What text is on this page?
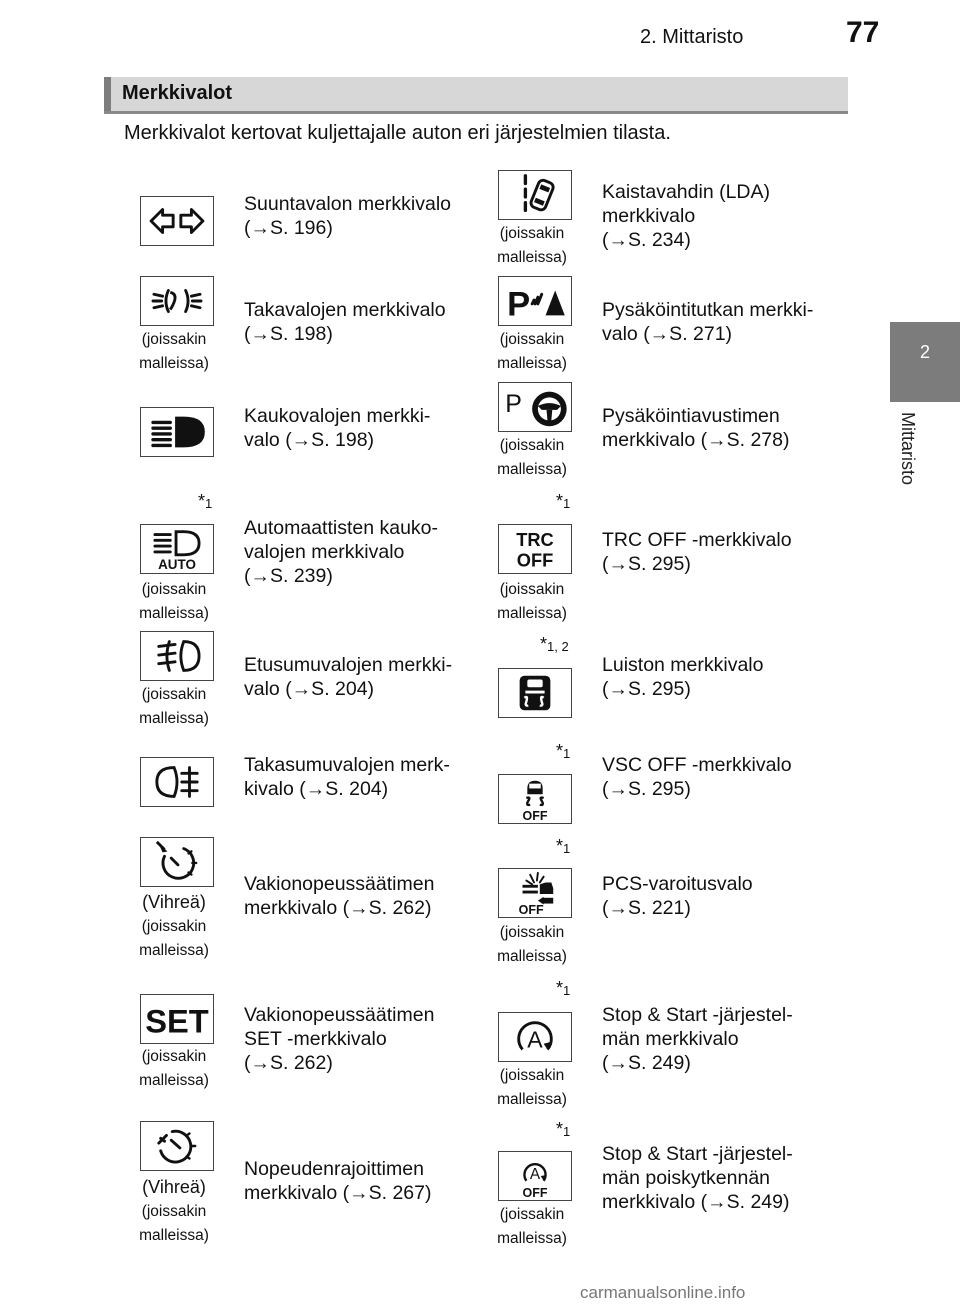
2. Mittaristo	77
2
Mittaristo
Merkkivalot
Merkkivalot kertovat kuljettajalle auton eri järjestelmien tilasta.
Suuntavalon merkkivalo
(→S. 196)
(joissakin
malleissa)
Takavalojen merkkivalo
(→S. 198)
Kaukovalojen merkki-
valo (→S. 198)
$*_1$
AUTO
(joissakin
malleissa)
Automaattisten kauko-
valojen merkkivalo
(→S. 239)
(joissakin
malleissa)
Etusumuvalojen merkki-
valo (→S. 204)
Takasumuvalojen merk-
kivalo (→S. 204)
(Vihreä)
(joissakin
malleissa)
Vakionopeussäätimen
merkkivalo (→S. 262)
SET
(joissakin
malleissa)
Vakionopeussäätimen
SET -merkkivalo
(→S. 262)
(Vihreä)
(joissakin
malleissa)
Nopeudenrajoittimen
merkkivalo (→S. 267)
(joissakin
malleissa)
Kaistavahdin (LDA)
merkkivalo
(→S. 234)
P
(joissakin
malleissa)
Pysäköintitutkan merkki-
valo (→S. 271)
P
(joissakin
malleissa)
Pysäköintiavustimen
merkkivalo (→S. 278)
$*_1$
TRC
OFF
(joissakin
malleissa)
TRC OFF -merkkivalo
(→S. 295)
$*_{1, 2}$
Luiston merkkivalo
(→S. 295)
$*_1$
OFF
VSC OFF -merkkivalo
(→S. 295)
$*_1$
OFF
(joissakin
malleissa)
PCS-varoitusvalo
(→S. 221)
$*_1$
A
(joissakin
malleissa)
Stop & Start -järjestel-
män merkkivalo
(→S. 249)
$*_1$
A
OFF
(joissakin
malleissa)
Stop & Start -järjestel-
män poiskytkennän
merkkivalo (→S. 249)
carmanualsonline.info
